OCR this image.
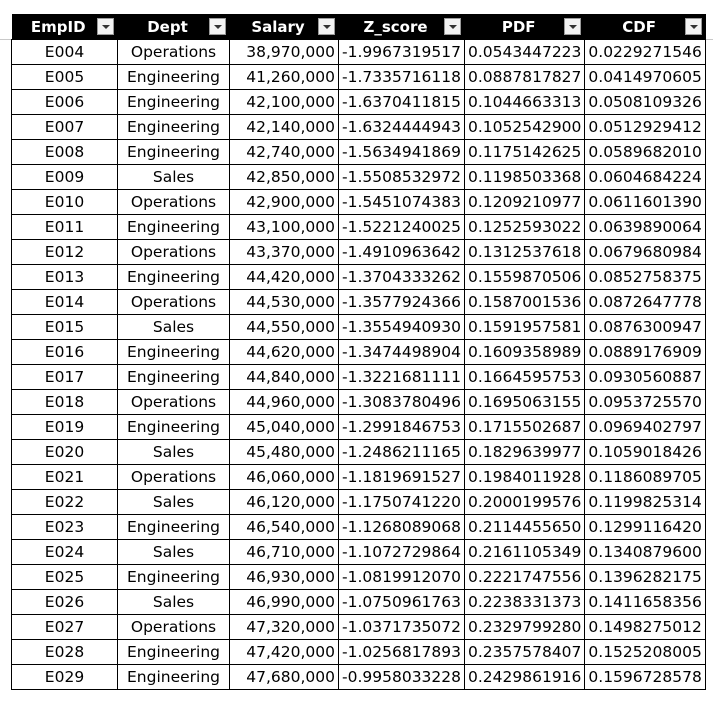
EmpID	Dept	Salary	Z_score	PDF	CDF

E004	Operations	38,970,000	-1.9967319517	0.0543447223	0.0229271546
E005	Engineering	41,260,000	-1.7335716118	0.0887817827	0.0414970605
E006	Engineering	42,100,000	-1.6370411815	0.1044663313	0.0508109326
E007	Engineering	42,140,000	-1.6324444943	0.1052542900	0.0512929412
E008	Engineering	42,740,000	-1.5634941869	0.1175142625	0.0589682010
E009	Sales	42,850,000	-1.5508532972	0.1198503368	0.0604684224
E010	Operations	42,900,000	-1.5451074383	0.1209210977	0.0611601390
E011	Engineering	43,100,000	-1.5221240025	0.1252593022	0.0639890064
E012	Operations	43,370,000	-1.4910963642	0.1312537618	0.0679680984
E013	Engineering	44,420,000	-1.3704333262	0.1559870506	0.0852758375
E014	Operations	44,530,000	-1.3577924366	0.1587001536	0.0872647778
E015	Sales	44,550,000	-1.3554940930	0.1591957581	0.0876300947
E016	Engineering	44,620,000	-1.3474498904	0.1609358989	0.0889176909
E017	Engineering	44,840,000	-1.3221681111	0.1664595753	0.0930560887
E018	Operations	44,960,000	-1.3083780496	0.1695063155	0.0953725570
E019	Engineering	45,040,000	-1.2991846753	0.1715502687	0.0969402797
E020	Sales	45,480,000	-1.2486211165	0.1829639977	0.1059018426
E021	Operations	46,060,000	-1.1819691527	0.1984011928	0.1186089705
E022	Sales	46,120,000	-1.1750741220	0.2000199576	0.1199825314
E023	Engineering	46,540,000	-1.1268089068	0.2114455650	0.1299116420
E024	Sales	46,710,000	-1.1072729864	0.2161105349	0.1340879600
E025	Engineering	46,930,000	-1.0819912070	0.2221747556	0.1396282175
E026	Sales	46,990,000	-1.0750961763	0.2238331373	0.1411658356
E027	Operations	47,320,000	-1.0371735072	0.2329799280	0.1498275012
E028	Engineering	47,420,000	-1.0256817893	0.2357578407	0.1525208005
E029	Engineering	47,680,000	-0.9958033228	0.2429861916	0.1596728578
